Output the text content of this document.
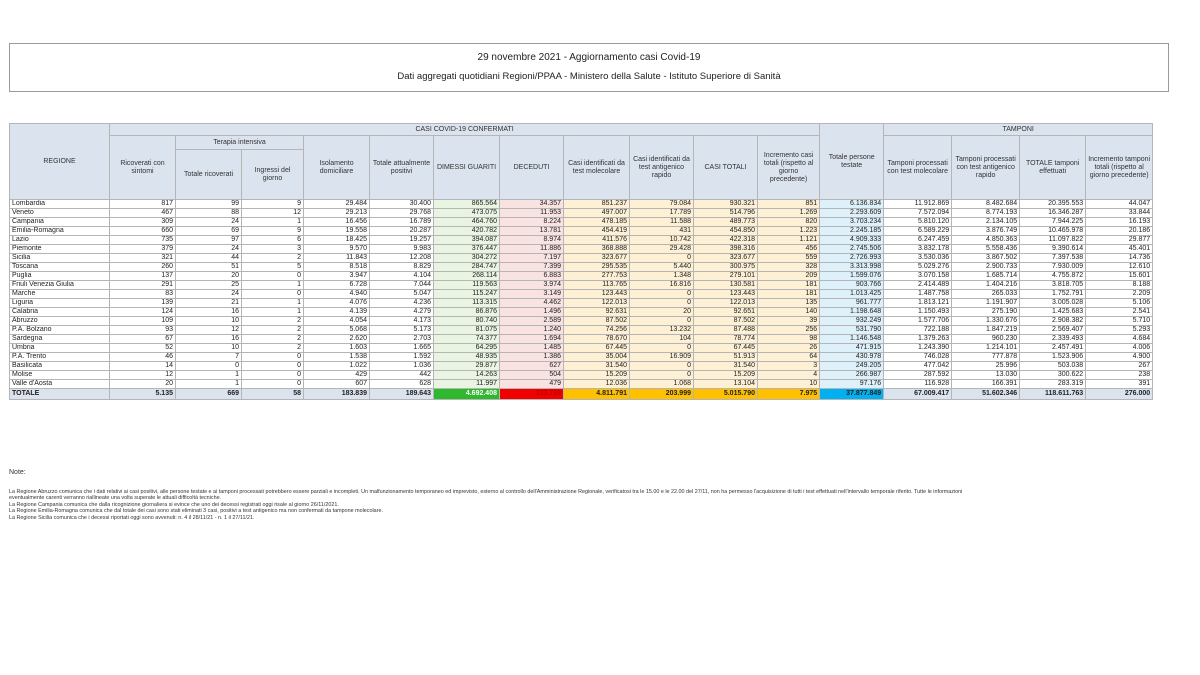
29 novembre 2021 - Aggiornamento casi Covid-19
Dati aggregati quotidiani Regioni/PPAA - Ministero della Salute - Istituto Superiore di Sanità
REGIONE	CASI COVID-19 CONFERMATI											Totale persone testate	TAMPONI			
	Ricoverati con sintomi	Terapia intensiva		Isolamento domiciliare	Totale attualmente positivi	DIMESSI GUARITI	DECEDUTI	Casi identificati da test molecolare	Casi identificati da test antigenico rapido	CASI TOTALI	Incremento casi totali (rispetto al giorno precedente)		Tamponi processati con test molecolare	Tamponi processati con test antigenico rapido	TOTALE tamponi effettuati	Incremento tamponi totali (rispetto al giorno precedente)
		Totale ricoverati	Ingressi del giorno													
Lombardia	817	99	9	29.484	30.400	865.564	34.357	851.237	79.084	930.321	851	6.136.834	11.912.869	8.482.684	20.395.553	44.047
Veneto	467	88	12	29.213	29.768	473.075	11.953	497.007	17.789	514.796	1.269	2.293.609	7.572.094	8.774.193	16.346.287	33.844
Campania	309	24	1	16.456	16.789	464.760	8.224	478.185	11.588	489.773	820	3.703.234	5.810.120	2.134.105	7.944.225	16.193
Emilia-Romagna	660	69	9	19.558	20.287	420.782	13.781	454.419	431	454.850	1.223	2.245.185	6.589.229	3.876.749	10.465.978	20.186
Lazio	735	97	6	18.425	19.257	394.087	8.974	411.576	10.742	422.318	1.121	4.909.333	6.247.459	4.850.363	11.097.822	29.877
Piemonte	379	24	3	9.570	9.983	376.447	11.886	368.888	29.428	398.316	456	2.745.506	3.832.178	5.558.436	9.390.614	45.401
Sicilia	321	44	2	11.843	12.208	304.272	7.197	323.677	0	323.677	559	2.726.993	3.530.036	3.867.502	7.397.538	14.736
Toscana	260	51	5	8.518	8.829	284.747	7.399	295.535	5.440	300.975	328	3.313.998	5.029.276	2.900.733	7.930.009	12.610
Puglia	137	20	0	3.947	4.104	268.114	6.883	277.753	1.348	279.101	209	1.599.076	3.070.158	1.685.714	4.755.872	15.601
Friuli Venezia Giulia	291	25	1	6.728	7.044	119.563	3.974	113.765	16.816	130.581	181	903.766	2.414.489	1.404.216	3.818.705	8.188
Marche	83	24	0	4.940	5.047	115.247	3.149	123.443	0	123.443	181	1.013.425	1.487.758	265.033	1.752.791	2.209
Liguria	139	21	1	4.076	4.236	113.315	4.462	122.013	0	122.013	135	961.777	1.813.121	1.191.907	3.005.028	5.106
Calabria	124	16	1	4.139	4.279	86.876	1.496	92.631	20	92.651	140	1.198.648	1.150.493	275.190	1.425.683	2.541
Abruzzo	109	10	2	4.054	4.173	80.740	2.589	87.502	0	87.502	39	932.249	1.577.706	1.330.676	2.908.382	5.710
P.A. Bolzano	93	12	2	5.068	5.173	81.075	1.240	74.256	13.232	87.488	256	531.790	722.188	1.847.219	2.569.407	5.293
Sardegna	67	16	2	2.620	2.703	74.377	1.694	78.670	104	78.774	98	1.146.548	1.379.263	960.230	2.339.493	4.684
Umbria	52	10	2	1.603	1.665	64.295	1.485	67.445	0	67.445	26	471.915	1.243.390	1.214.101	2.457.491	4.006
P.A. Trento	46	7	0	1.538	1.592	48.935	1.386	35.004	16.909	51.913	64	430.978	746.028	777.878	1.523.906	4.900
Basilicata	14	0	0	1.022	1.036	29.877	627	31.540	0	31.540	3	249.205	477.042	25.996	503.038	267
Molise	12	1	0	429	442	14.263	504	15.209	0	15.209	4	266.987	287.592	13.030	300.622	238
Valle d'Aosta	20	1	0	607	628	11.997	479	12.036	1.068	13.104	10	97.176	116.928	166.391	283.319	391
TOTALE	5.135	669	58	183.839	189.643	4.692.408	133.739	4.811.791	203.999	5.015.790	7.975	37.877.849	67.009.417	51.602.346	118.611.763	276.000
Note:
La Regione Abruzzo comunica che i dati relativi ai casi positivi, alle persone testate e ai tamponi processati potrebbero essere parziali e incompleti. Un malfunzionamento temporaneo ed imprevisto, esterno al controllo dell'Amministrazione Regionale, verificatosi tra le 15.00 e le 22.00 del 27/11, non ha permesso l'acquisizione di tutti i test effettuati nell'intervallo temporale riferito. Tutte le informazioni
eventualmente carenti verranno riallineate una volta superate le attuali difficoltà tecniche.
La Regione Campania comunica che dalla ricognizione giornaliera si evince che uno dei decessi registrati oggi risale al giorno 26/11/2021.
La Regione Emilia-Romagna comunica che dal totale dei casi sono stati eliminati 3 casi, positivi a test antigenico ma non confermati da tampone molecolare.
La Regione Sicilia comunica che i decessi riportati oggi sono avvenuti: n. 4 il 28/11/21 - n. 1 il 27/11/21.
